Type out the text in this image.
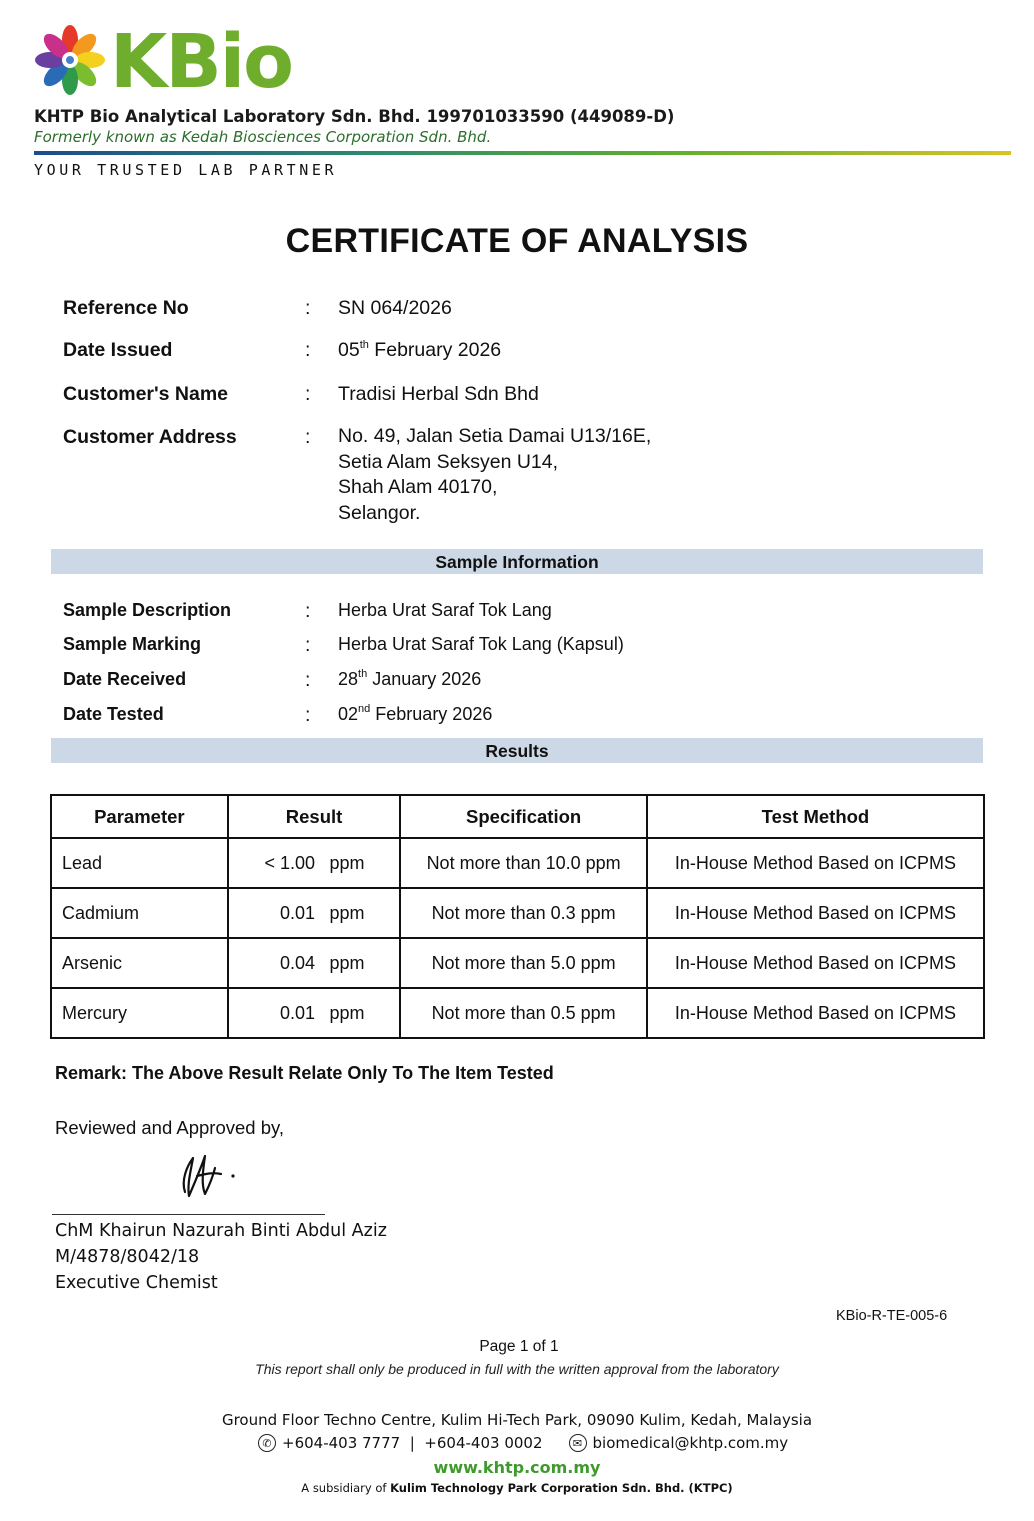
KBio
KHTP Bio Analytical Laboratory Sdn. Bhd. 199701033590 (449089-D)
Formerly known as Kedah Biosciences Corporation Sdn. Bhd.
YOUR TRUSTED LAB PARTNER
CERTIFICATE OF ANALYSIS
Reference No	: SN 064/2026
Date Issued	: 05th February 2026
Customer's Name	: Tradisi Herbal Sdn Bhd
Customer Address	: No. 49, Jalan Setia Damai U13/16E,
Setia Alam Seksyen U14,
Shah Alam 40170,
Selangor.
Sample Information
Sample Description	: Herba Urat Saraf Tok Lang
Sample Marking	: Herba Urat Saraf Tok Lang (Kapsul)
Date Received	: 28th January 2026
Date Tested	: 02nd February 2026
Results
Parameter	Result	Specification	Test Method
Lead	< 1.00 ppm	Not more than 10.0 ppm	In-House Method Based on ICPMS
Cadmium	0.01 ppm	Not more than 0.3 ppm	In-House Method Based on ICPMS
Arsenic	0.04 ppm	Not more than 5.0 ppm	In-House Method Based on ICPMS
Mercury	0.01 ppm	Not more than 0.5 ppm	In-House Method Based on ICPMS
Remark: The Above Result Relate Only To The Item Tested
Reviewed and Approved by,
ChM Khairun Nazurah Binti Abdul Aziz
M/4878/8042/18
Executive Chemist
KBio-R-TE-005-6
Page 1 of 1
This report shall only be produced in full with the written approval from the laboratory
Ground Floor Techno Centre, Kulim Hi-Tech Park, 09090 Kulim, Kedah, Malaysia
✆ +604-403 7777  |  +604-403 0002	✉ biomedical@khtp.com.my
www.khtp.com.my
A subsidiary of Kulim Technology Park Corporation Sdn. Bhd. (KTPC)
